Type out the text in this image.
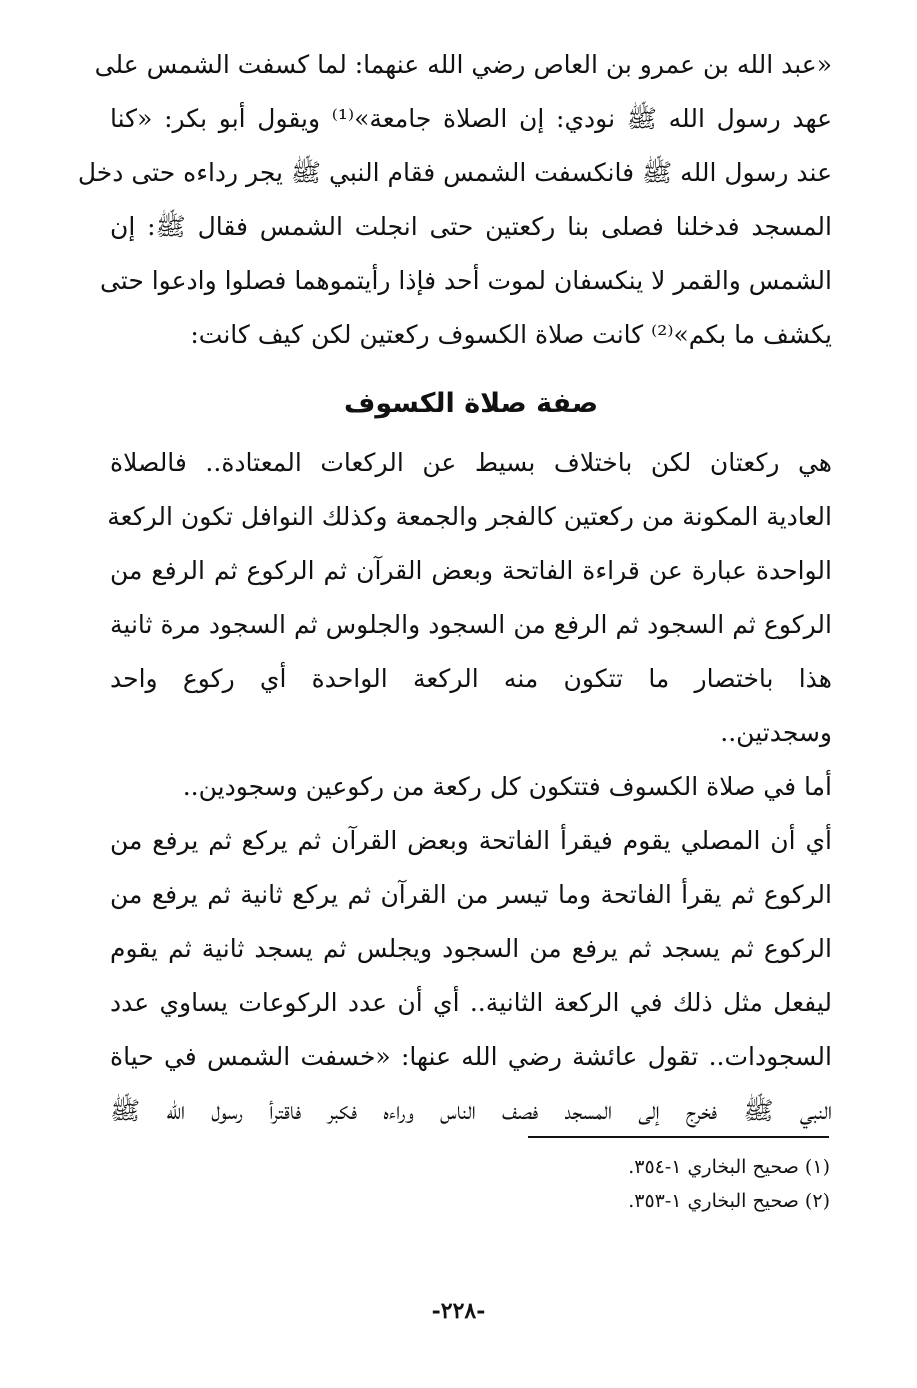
«عبد الله بن عمرو بن العاص رضي الله عنهما: لما كسفت الشمس على
عهد رسول الله ﷺ نودي: إن الصلاة جامعة»⁽¹⁾ ويقول أبو بكر: «كنا
عند رسول الله ﷺ فانكسفت الشمس فقام النبي ﷺ يجر رداءه حتى دخل
المسجد فدخلنا فصلى بنا ركعتين حتى انجلت الشمس فقال ﷺ: إن
الشمس والقمر لا ينكسفان لموت أحد فإذا رأيتموهما فصلوا وادعوا حتى
يكشف ما بكم»⁽²⁾ كانت صلاة الكسوف ركعتين لكن كيف كانت:
صفة صلاة الكسوف
هي ركعتان لكن باختلاف بسيط عن الركعات المعتادة.. فالصلاة
العادية المكونة من ركعتين كالفجر والجمعة وكذلك النوافل تكون الركعة
الواحدة عبارة عن قراءة الفاتحة وبعض القرآن ثم الركوع ثم الرفع من
الركوع ثم السجود ثم الرفع من السجود والجلوس ثم السجود مرة ثانية
هذا باختصار ما تتكون منه الركعة الواحدة أي ركوع واحد
وسجدتين..
أما في صلاة الكسوف فتتكون كل ركعة من ركوعين وسجودين..
أي أن المصلي يقوم فيقرأ الفاتحة وبعض القرآن ثم يركع ثم يرفع من
الركوع ثم يقرأ الفاتحة وما تيسر من القرآن ثم يركع ثانية ثم يرفع من
الركوع ثم يسجد ثم يرفع من السجود ويجلس ثم يسجد ثانية ثم يقوم
ليفعل مثل ذلك في الركعة الثانية.. أي أن عدد الركوعات يساوي عدد
السجودات.. تقول عائشة رضي الله عنها: «خسفت الشمس في حياة
النبي ﷺ فخرج إلى المسجد فصف الناس وراءه فكبر فاقترأ رسول الله ﷺ
(١) صحيح البخاري ١-٣٥٤.
(٢) صحيح البخاري ١-٣٥٣.
-٢٢٨-
